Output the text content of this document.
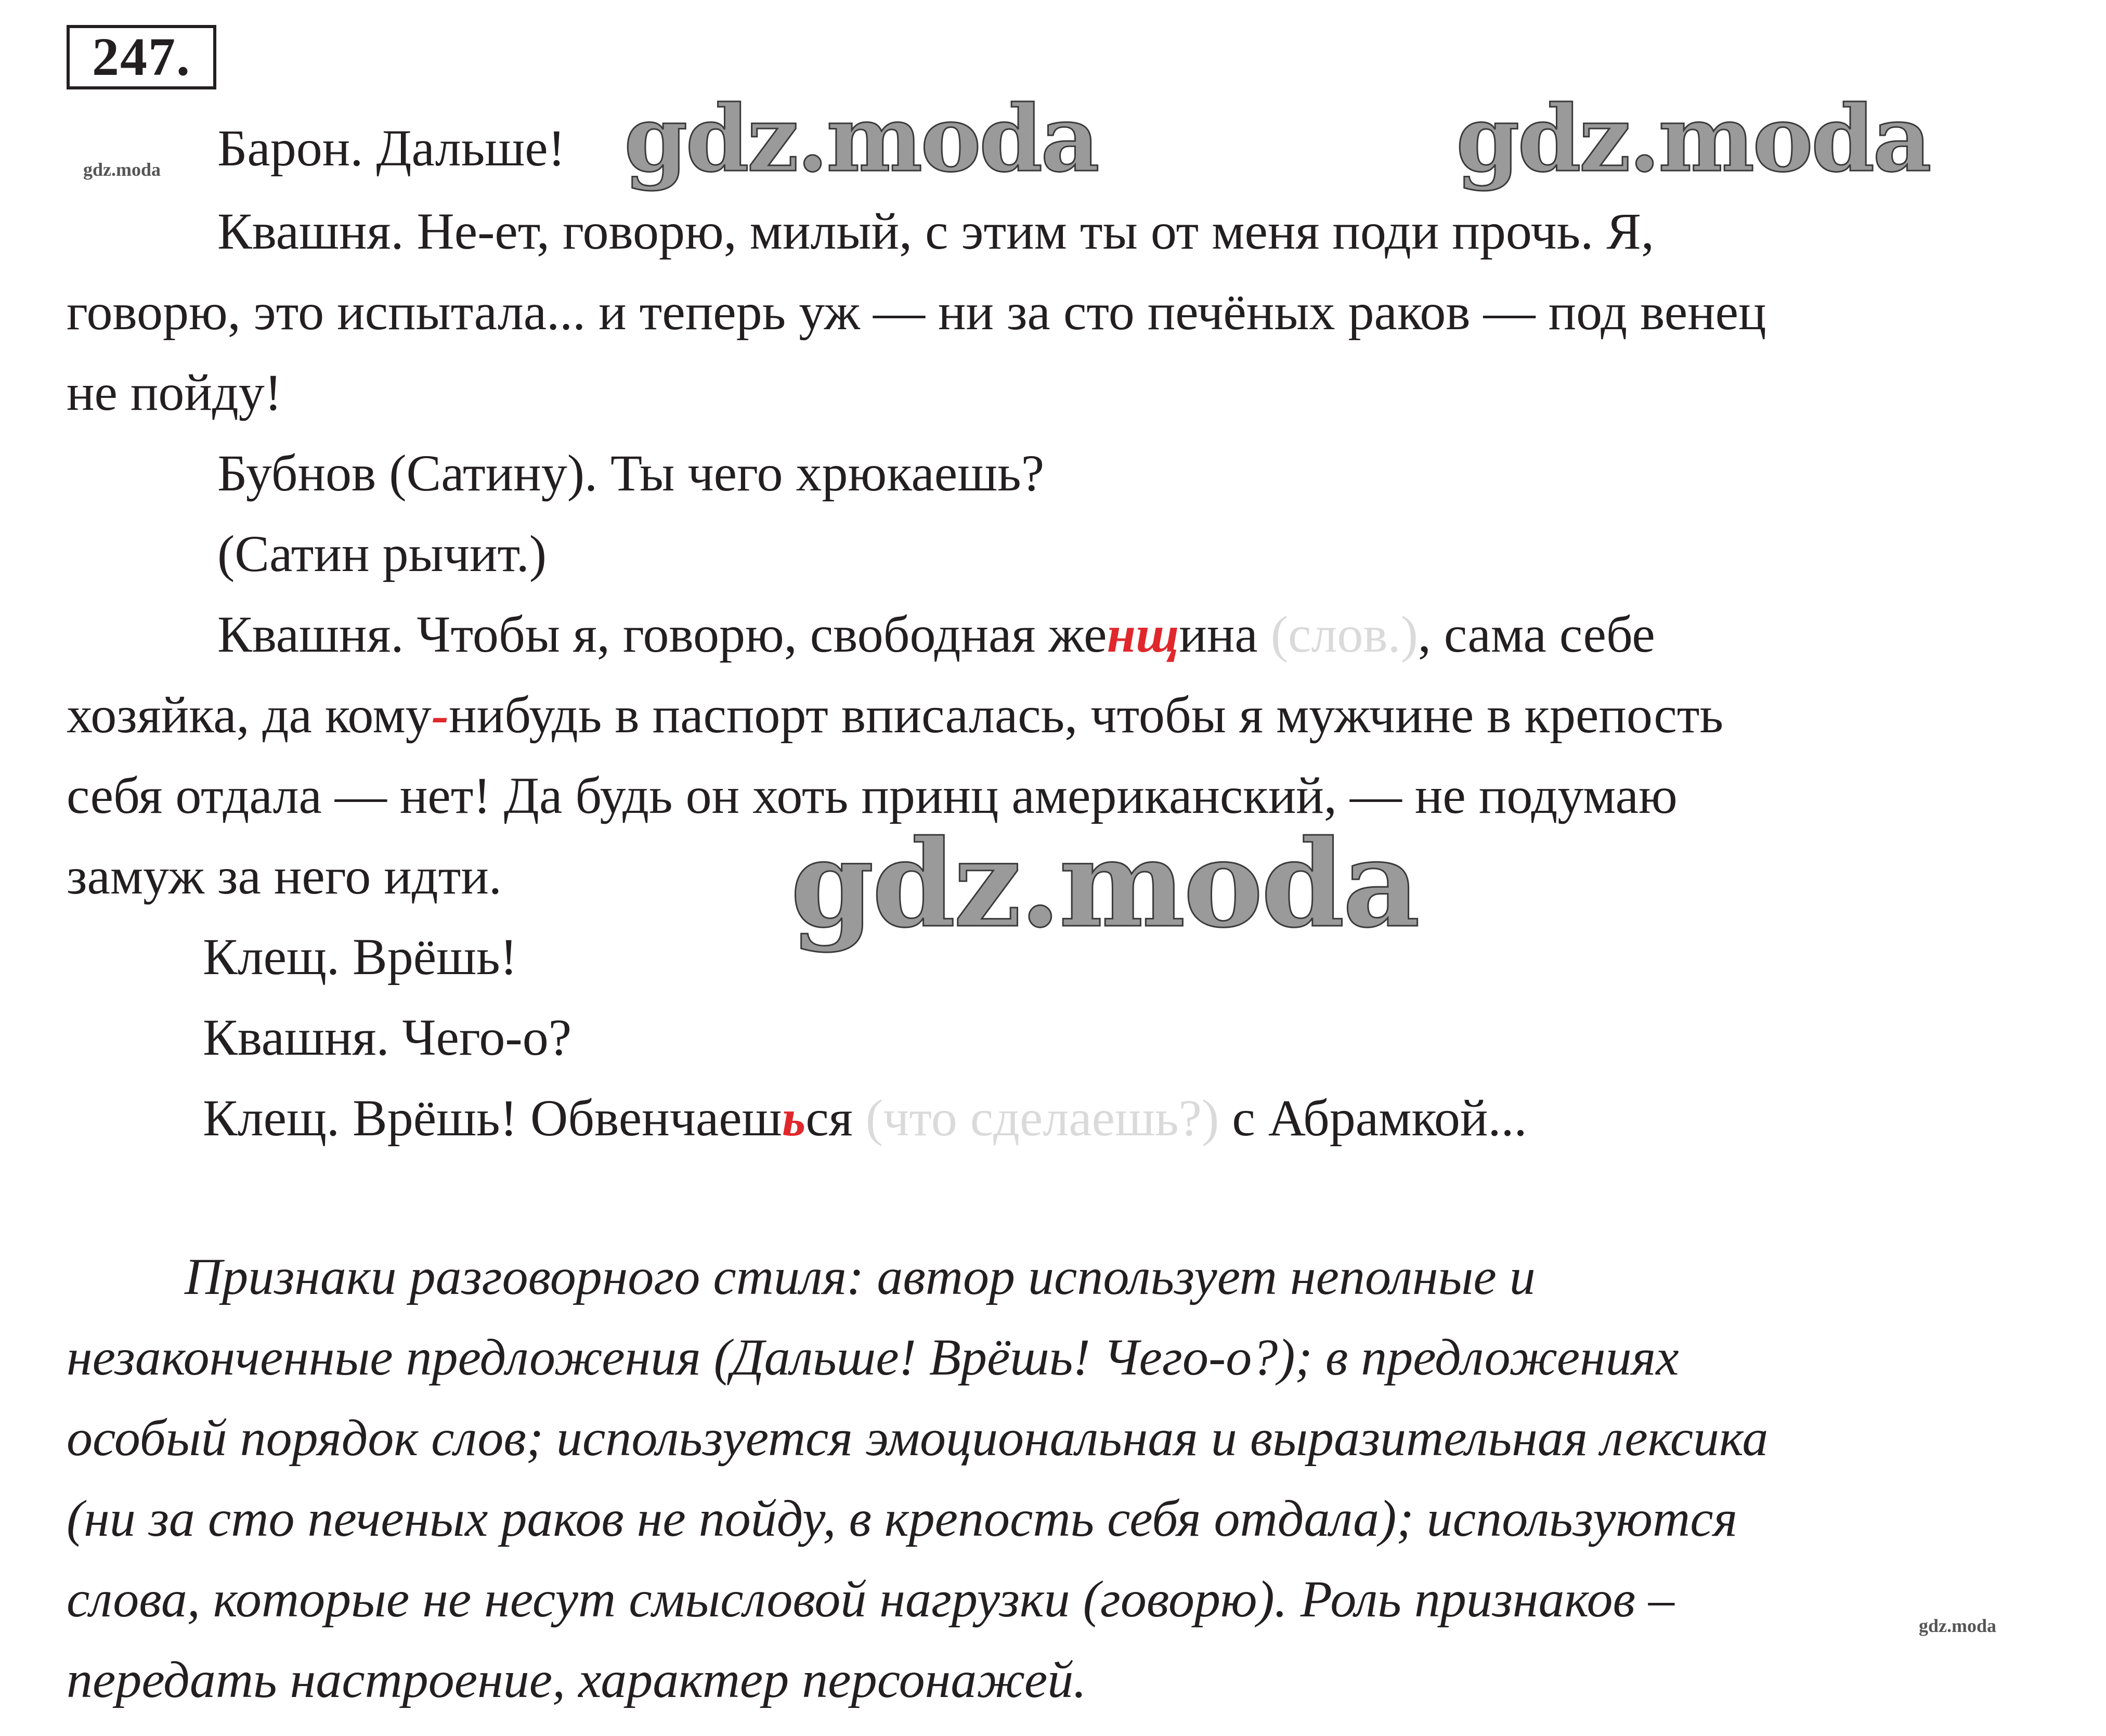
247.
gdz.moda
gdz.moda
Барон. Дальше! gdz.moda	gdz.moda
Квашня. Не-ет, говорю, милый, с этим ты от меня поди прочь. Я,
говорю, это испытала... и теперь уж — ни за сто печёных раков — под венец
не пойду!
Бубнов (Сатину). Ты чего хрюкаешь?
(Сатин рычит.)
Квашня. Чтобы я, говорю, свободная женщина (слов.), сама себе
хозяйка, да кому-нибудь в паспорт вписалась, чтобы я мужчине в крепость
себя отдала — нет! Да будь он хоть принц американский, — не подумаю
замуж за него идти. gdz.moda
Клещ. Врёшь!
Квашня. Чего-о?
Клещ. Врёшь! Обвенчаешься (что сделаешь?) с Абрамкой...
Признаки разговорного стиля: автор использует неполные и
незаконченные предложения (Дальше! Врёшь! Чего-о?); в предложениях
особый порядок слов; используется эмоциональная и выразительная лексика
(ни за сто печеных раков не пойду, в крепость себя отдала); используются
слова, которые не несут смысловой нагрузки (говорю). Роль признаков –
передать настроение, характер персонажей.
